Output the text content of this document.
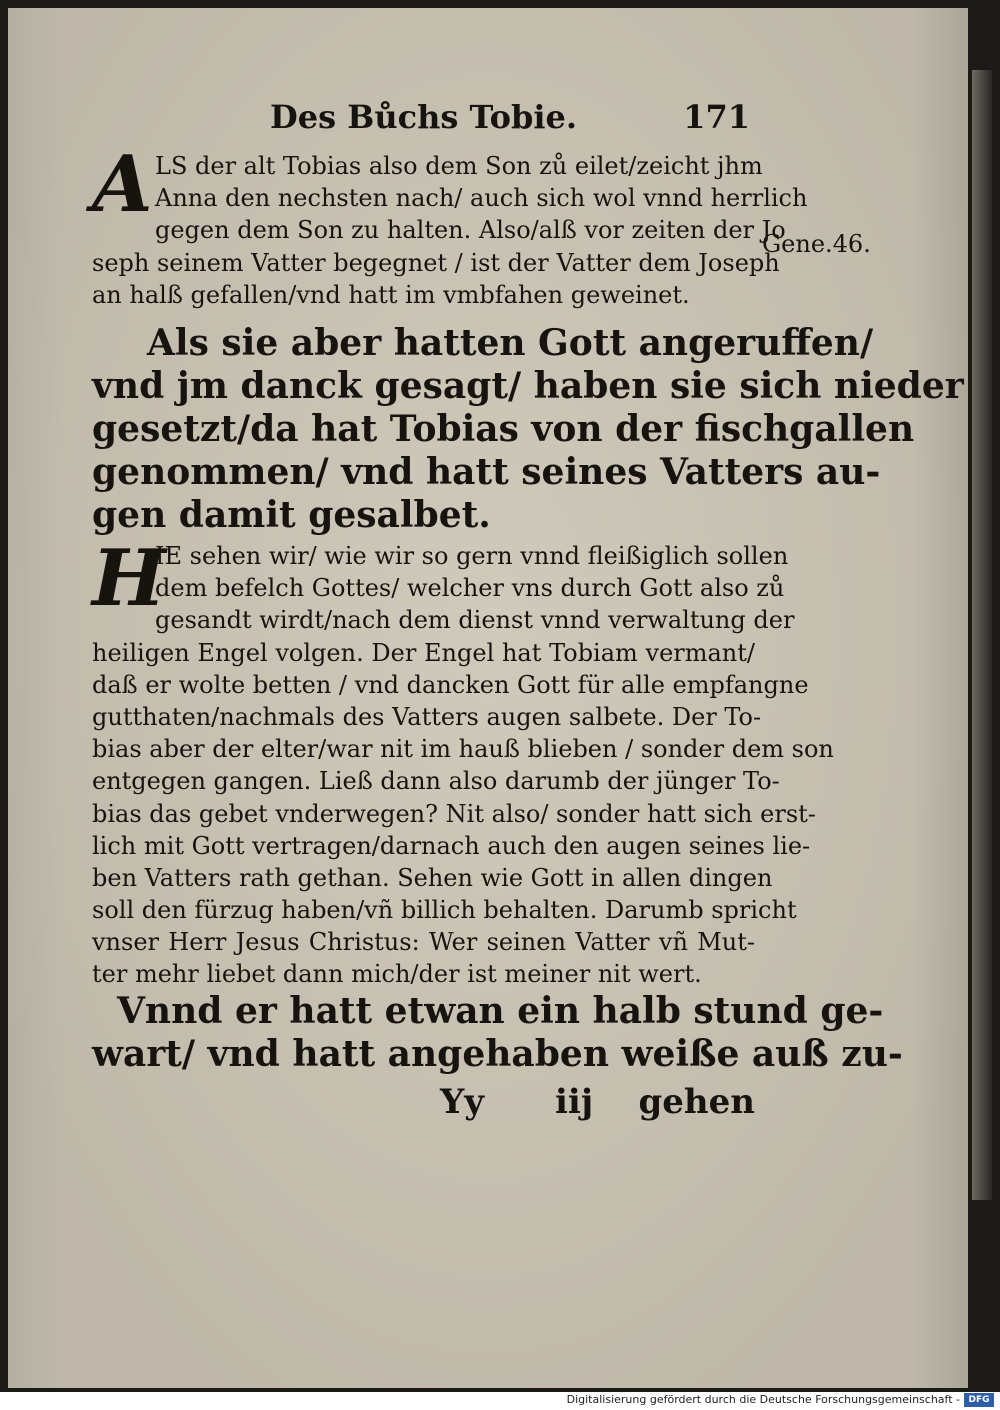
Des Bůchs Tobie.	171
A LS der alt Tobias also dem Son zů eilet/zeicht jhm
Anna den nechsten nach/ auch sich wol vnnd herrlich
gegen dem Son zu halten. Also/alß vor zeiten der Jo
seph seinem Vatter begegnet / ist der Vatter dem Joseph
an halß gefallen/vnd hatt im vmbfahen geweinet.
Gene.46.
Als sie aber hatten Gott angeruffen/
vnd jm danck gesagt/ haben sie sich nieder
gesetzt/da hat Tobias von der fischgallen
genommen/ vnd hatt seines Vatters au-
gen damit gesalbet.
H
IE sehen wir/ wie wir so gern vnnd fleißiglich sollen
dem befelch Gottes/ welcher vns durch Gott also zů
gesandt wirdt/nach dem dienst vnnd verwaltung der
heiligen Engel volgen. Der Engel hat Tobiam vermant/
daß er wolte betten / vnd dancken Gott für alle empfangne
gutthaten/nachmals des Vatters augen salbete. Der To-
bias aber der elter/war nit im hauß blieben / sonder dem son
entgegen gangen. Ließ dann also darumb der jünger To-
bias das gebet vnderwegen? Nit also/ sonder hatt sich erst-
lich mit Gott vertragen/darnach auch den augen seines lie-
ben Vatters rath gethan. Sehen wie Gott in allen dingen
soll den fürzug haben/vñ billich behalten. Darumb spricht
vnser Herr Jesus Christus: Wer seinen Vatter vñ Mut-
ter mehr liebet dann mich/der ist meiner nit wert.
Vnnd er hatt etwan ein halb stund ge-
wart/ vnd hatt angehaben weiße auß zu-
Yy iij gehen
Digitalisierung gefördert durch die Deutsche Forschungsgemeinschaft - DFG
